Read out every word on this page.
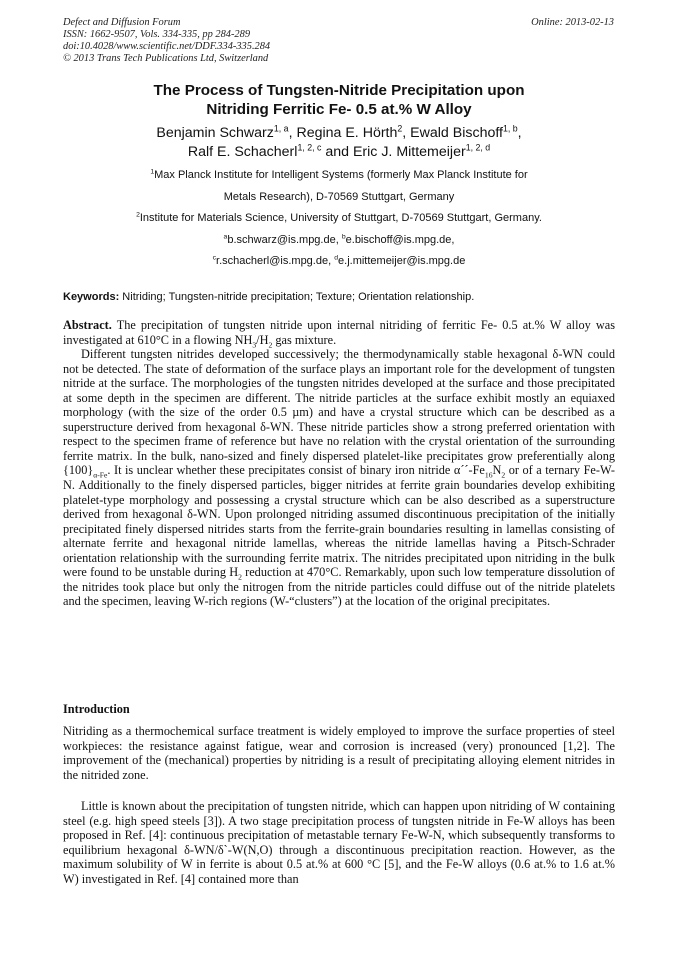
Defect and Diffusion Forum
ISSN: 1662-9507, Vols. 334-335, pp 284-289
doi:10.4028/www.scientific.net/DDF.334-335.284
© 2013 Trans Tech Publications Ltd, Switzerland
Online: 2013-02-13
The Process of Tungsten-Nitride Precipitation upon
Nitriding Ferritic Fe- 0.5 at.% W Alloy
Benjamin Schwarz$^{1, a}$, Regina E. Hörth$^2$, Ewald Bischoff$^{1, b}$,
Ralf E. Schacherl$^{1, 2, c}$ and Eric J. Mittemeijer$^{1, 2, d}$
$^1$Max Planck Institute for Intelligent Systems (formerly Max Planck Institute for
Metals Research), D-70569 Stuttgart, Germany
$^2$Institute for Materials Science, University of Stuttgart, D-70569 Stuttgart, Germany.
$^a$b.schwarz@is.mpg.de, $^b$e.bischoff@is.mpg.de,
$^c$r.schacherl@is.mpg.de, $^d$e.j.mittemeijer@is.mpg.de
Keywords: Nitriding; Tungsten-nitride precipitation; Texture; Orientation relationship.

Abstract. The precipitation of tungsten nitride upon internal nitriding of ferritic Fe- 0.5 at.% W alloy was investigated at 610°C in a flowing $NH_3/H_2$ gas mixture.

Different tungsten nitrides developed successively; the thermodynamically stable hexagonal δ-WN could not be detected. The state of deformation of the surface plays an important role for the development of tungsten nitride at the surface. The morphologies of the tungsten nitrides developed at the surface and those precipitated at some depth in the specimen are different. The nitride particles at the surface exhibit mostly an equiaxed morphology (with the size of the order 0.5 µm) and have a crystal structure which can be described as a superstructure derived from hexagonal δ-WN. These nitride particles show a strong preferred orientation with respect to the specimen frame of reference but have no relation with the crystal orientation of the surrounding ferrite matrix. In the bulk, nano-sized and finely dispersed platelet-like precipitates grow preferentially along $\{100\}_{\alpha-Fe}$. It is unclear whether these precipitates consist of binary iron nitride $\alpha´´-Fe_{16}N_2$ or of a ternary Fe-W-N. Additionally to the finely dispersed particles, bigger nitrides at ferrite grain boundaries develop exhibiting platelet-type morphology and possessing a crystal structure which can be also described as a superstructure derived from hexagonal δ-WN. Upon prolonged nitriding assumed discontinuous precipitation of the initially precipitated finely dispersed nitrides starts from the ferrite-grain boundaries resulting in lamellas consisting of alternate ferrite and hexagonal nitride lamellas, whereas the nitride lamellas having a Pitsch-Schrader orientation relationship with the surrounding ferrite matrix. The nitrides precipitated upon nitriding in the bulk were found to be unstable during $H_2$ reduction at 470°C. Remarkably, upon such low temperature dissolution of the nitrides took place but only the nitrogen from the nitride particles could diffuse out of the nitride platelets and the specimen, leaving W-rich regions (W-“clusters”) at the location of the original precipitates.

Introduction

Nitriding as a thermochemical surface treatment is widely employed to improve the surface properties of steel workpieces: the resistance against fatigue, wear and corrosion is increased (very) pronounced [1,2]. The improvement of the (mechanical) properties by nitriding is a result of precipitating alloying element nitrides in the nitrided zone.

Little is known about the precipitation of tungsten nitride, which can happen upon nitriding of W containing steel (e.g. high speed steels [3]). A two stage precipitation process of tungsten nitride in Fe-W alloys has been proposed in Ref. [4]: continuous precipitation of metastable ternary Fe-W-N, which subsequently transforms to equilibrium hexagonal δ-WN/δ`-W(N,O) through a discontinuous precipitation reaction. However, as the maximum solubility of W in ferrite is about 0.5 at.% at 600 °C [5], and the Fe-W alloys (0.6 at.% to 1.6 at.% W) investigated in Ref. [4] contained more than
